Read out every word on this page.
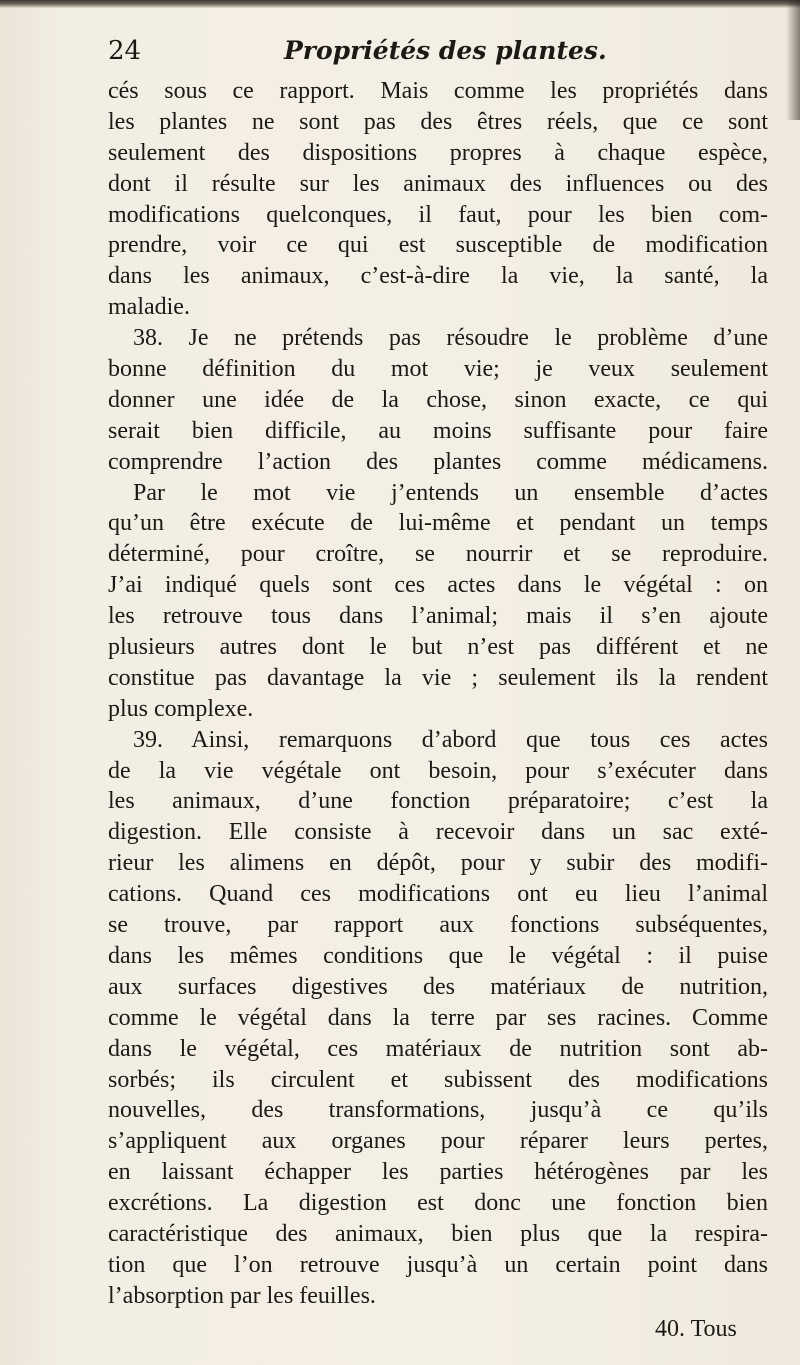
24	Propriétés des plantes.
cés sous ce rapport. Mais comme les propriétés dans
les plantes ne sont pas des êtres réels, que ce sont
seulement des dispositions propres à chaque espèce,
dont il résulte sur les animaux des influences ou des
modifications quelconques, il faut, pour les bien com-
prendre, voir ce qui est susceptible de modification
dans les animaux, c’est-à-dire la vie, la santé, la
maladie.
38. Je ne prétends pas résoudre le problème d’une
bonne définition du mot vie; je veux seulement
donner une idée de la chose, sinon exacte, ce qui
serait bien difficile, au moins suffisante pour faire
comprendre l’action des plantes comme médicamens.
Par le mot vie j’entends un ensemble d’actes
qu’un être exécute de lui-même et pendant un temps
déterminé, pour croître, se nourrir et se reproduire.
J’ai indiqué quels sont ces actes dans le végétal : on
les retrouve tous dans l’animal; mais il s’en ajoute
plusieurs autres dont le but n’est pas différent et ne
constitue pas davantage la vie ; seulement ils la rendent
plus complexe.
39. Ainsi, remarquons d’abord que tous ces actes
de la vie végétale ont besoin, pour s’exécuter dans
les animaux, d’une fonction préparatoire; c’est la
digestion. Elle consiste à recevoir dans un sac exté-
rieur les alimens en dépôt, pour y subir des modifi-
cations. Quand ces modifications ont eu lieu l’animal
se trouve, par rapport aux fonctions subséquentes,
dans les mêmes conditions que le végétal : il puise
aux surfaces digestives des matériaux de nutrition,
comme le végétal dans la terre par ses racines. Comme
dans le végétal, ces matériaux de nutrition sont ab-
sorbés; ils circulent et subissent des modifications
nouvelles, des transformations, jusqu’à ce qu’ils
s’appliquent aux organes pour réparer leurs pertes,
en laissant échapper les parties hétérogènes par les
excrétions. La digestion est donc une fonction bien
caractéristique des animaux, bien plus que la respira-
tion que l’on retrouve jusqu’à un certain point dans
l’absorption par les feuilles.
40. Tous
